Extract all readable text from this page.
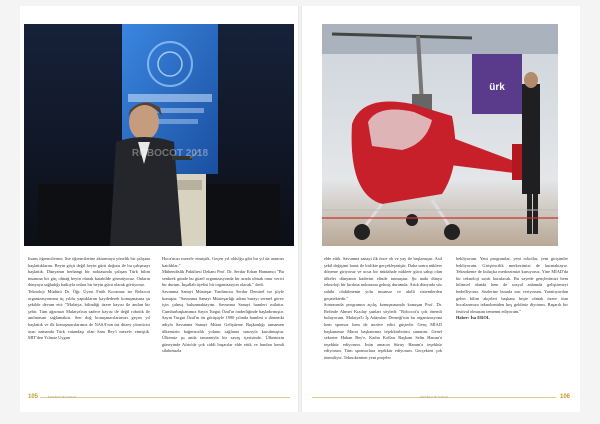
ROBOCOT 2018

lisans öğrencilerine, lise öğrencilerine aktarmaya yönelik bir çalışma başlattıklarını. Beyin göçü değil beyin gücü doğuru ile bu çalışmayı başlattık. Dünyanın herhangi bir noktasında çalışan Türk bilim insanına bir güç olmağ beyin olarak katabilde görmüyoruz. Onların dünyaya sağladığı katkıyla onları bir beyin gücü olarak görüyoruz.

Teknoloji Müdürü Dr. Öğr. Üyesi Fatih Kocamaz ise Robocot organizasyonunu üç yıldır yaptıklarını kaydederek konuşmasına şu şekilde devam etti: "Malatya, bilindiği üzere kayısı ile anılan bir şehir. Tüm ağzımızı Malatya'nın sadece kayısı ile değil robotik ile anılmasını sağlamaktır. Sen doğ konuşmacılarımızı geçen yıl başlattık ve ilk konuşmacılarımız de NASA'nın üst düzey yöneticisi aynı zamanda Türk vatandaşı olan Sam Bey'i mezelv etmiştik. MIT'den Yılmaz Uygun

Hoca'mızı mezelv etmiştik. Geçen yıl oldu'ğu gibi bu yıl da aramızı katıldılar."

Mühendislik Fakültesi Dekanı Prof. Dr. Serdar Erhan Hamamcı "Bu senkrek günde bu güzel organizasyonda bir arada olmak onur verici bir durum. İnşallah üyelisi bir organizasyon olacak." dedi.

Savunma Sanayi Müsteşar Yardımcısı Serdar Demirel ise şöyle konuştu: "Savunma Sanayi Müsteşarlığı adına burayı sermel görev için çalmış bulunmaktayım. Savunma Sanayi hamleri milattır. Cumhurbaşkanımız Sayın Turgut Özal'ın önderliğinde başladırmıştır. Sayın Turgut Özal'ın ön görüşüyle 1990 yılında hamlesi o dönemki adıyla Savunma Sanayi Mümi Geliştirme Başkanlığı tamamen ülkemizin bağımsızlık yolunu sağlama sınırıyla kurulmuştur. Ülkemiz şu anda tamamıyla bir savaş içerisinde. Ülkemizin güneyinde Afrin'de çok ciddi başarılar elde ettik ve bunları kendi silahımızla

MATBAA BÜLTENİ
105
ürk

elde ettik. Savunma sanayi ilk önce ok ve yay ile başlamıştır. Asıl şekil değişimi barut ile birlikte gerçekleşmiştir. Daha sonra nükleer döneme giriyoruz ve ucuz bir müdahale nükleer gücü sahip olan ülkeler dünyanın kaderini elinde tutmuştur. Şu anda dünya teknoloji bir kırılma noktasına gelmiş durumda. Artık dünyada söz sahibi olabilmenin yolu insansız ve akıllı sistemlerden geçmektedir."

Sonrasında programın açılış konuşmasında konuşan Prof. Dr. Refinde Ahmet Kızılay şunları söyledi: "Robocot'u çok önemli buluyorum. Malatya'lı İş Adamları Derneği'nin bu organizasyona hem sponsor hem de motive edici güçtedir. Genç MİAD başkanımız Murat başkanımız teşekkürlerimi sunarım. Genel sekreter Hakan Bey'e, Kadın Kolları Başkanı Selin Hanım'a teşekkür ediyorum. İnön amacın Süruy Hanım'a teşekkür ediyorum. Tüm sponsorlara teşekkür ediyorum. Gerçekten çok önemliyiz. Teknokentten yeni projeler

bekliyorum. Yeni programlar, yeni robotlar, yeni girişimler bekliyorum. Girişimcilik merkezimizi de kurmaktayız. Teknokente de kuluçka merkezimizi kuruyoruz. Yine MİAD'da bir teknoloji sınıfı kurulacak. Bu sayede gençlerimizi hem bilimsel alanda hem de sosyal anlamda geliştirmeyi hedefliyoruz. Sözlerine burada son veriyorum. Yarattıyordan gelen bilim akçeleri başkanı beşte olmak üzere tüm hocalarımıza teknokentden hoş geldiniz diyorum. Başarılı bir festival olmasını temenni ediyorum."

Haber: İsa EROL

MATBAA BÜLTENİ	106
